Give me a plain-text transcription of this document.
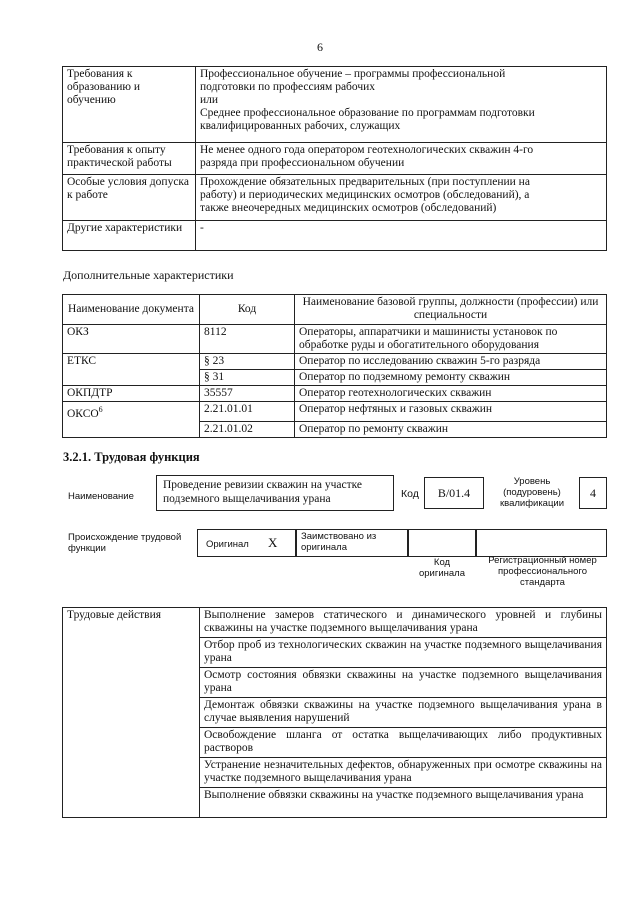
6
Требования к образованию и обучению	Профессиональное обучение – программы профессиональной
подготовки по профессиям рабочих
или
Среднее профессиональное образование по программам подготовки
квалифицированных рабочих, служащих

Требования к опыту практической работы	Не менее одного года оператором геотехнологических скважин 4-го
разряда при профессиональном обучении

Особые условия допуска к работе	Прохождение обязательных предварительных (при поступлении на
работу) и периодических медицинских осмотров (обследований), а
также внеочередных медицинских осмотров (обследований)

Другие характеристики	-
Дополнительные характеристики
Наименование документа	Код	Наименование базовой группы, должности (профессии) или специальности
ОКЗ	8112	Операторы, аппаратчики и машинисты установок по обработке руды и обогатительного оборудования
ЕТКС	§ 23	Оператор по исследованию скважин 5-го разряда
	§ 31	Оператор по подземному ремонту скважин
ОКПДТР	35557	Оператор геотехнологических скважин
ОКСО$^6$	2.21.01.01	Оператор нефтяных и газовых скважин
	2.21.01.02	Оператор по ремонту скважин
3.2.1. Трудовая функция
Наименование
Проведение ревизии скважин на участке подземного выщелачивания урана	Код	B/01.4
Уровень (подуровень) квалификации
4
Происхождение трудовой функции	Оригинал X	Заимствовано из оригинала
Код оригинала
Регистрационный номер профессионального стандарта
Трудовые действия	Выполнение замеров статического и динамического уровней и глубины скважины на участке подземного выщелачивания урана
	Отбор проб из технологических скважин на участке подземного выщелачивания урана
	Осмотр состояния обвязки скважины на участке подземного выщелачивания урана
	Демонтаж обвязки скважины на участке подземного выщелачивания урана в случае выявления нарушений
	Освобождение шланга от остатка выщелачивающих либо продуктивных растворов
	Устранение незначительных дефектов, обнаруженных при осмотре скважины на участке подземного выщелачивания урана
	Выполнение обвязки скважины на участке подземного выщелачивания урана
